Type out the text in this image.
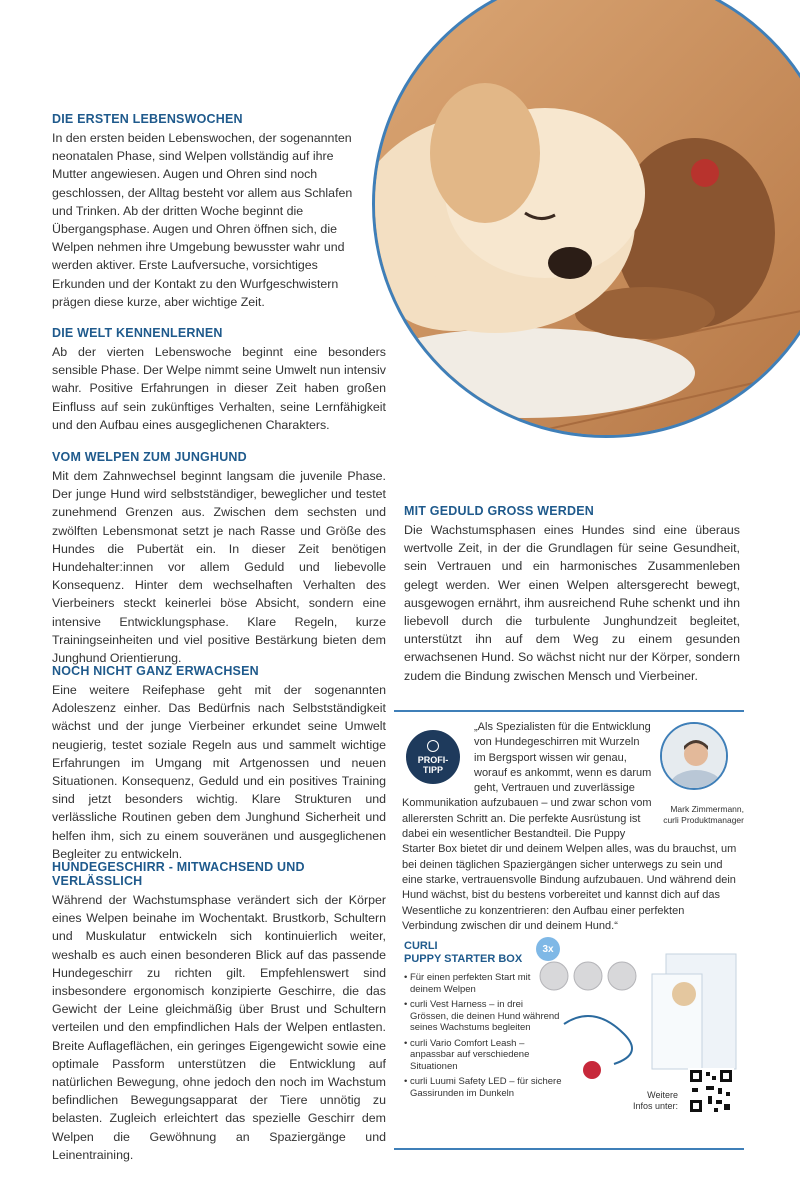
DIE ERSTEN LEBENSWOCHEN

In den ersten beiden Lebenswochen, der sogenannten neonatalen Phase, sind Welpen vollständig auf ihre Mutter angewiesen. Augen und Ohren sind noch geschlossen, der Alltag besteht vor allem aus Schlafen und Trinken. Ab der dritten Woche beginnt die Übergangsphase. Augen und Ohren öffnen sich, die Welpen nehmen ihre Umgebung bewusster wahr und werden aktiver. Erste Laufversuche, vorsichtiges Erkunden und der Kontakt zu den Wurfgeschwistern prägen diese kurze, aber wichtige Zeit.

DIE WELT KENNENLERNEN

Ab der vierten Lebenswoche beginnt eine besonders sensible Phase. Der Welpe nimmt seine Umwelt nun intensiv wahr. Positive Erfahrungen in dieser Zeit haben großen Einfluss auf sein zukünftiges Verhalten, seine Lernfähigkeit und den Aufbau eines ausgeglichenen Charakters.

VOM WELPEN ZUM JUNGHUND

Mit dem Zahnwechsel beginnt langsam die juvenile Phase. Der junge Hund wird selbstständiger, beweglicher und testet zunehmend Grenzen aus. Zwischen dem sechsten und zwölften Lebensmonat setzt je nach Rasse und Größe des Hundes die Pubertät ein. In dieser Zeit benötigen Hundehalter:innen vor allem Geduld und liebevolle Konsequenz. Hinter dem wechselhaften Verhalten des Vierbeiners steckt keinerlei böse Absicht, sondern eine intensive Entwicklungsphase. Klare Regeln, kurze Trainingseinheiten und viel positive Bestärkung bieten dem Junghund Orientierung.

NOCH NICHT GANZ ERWACHSEN

Eine weitere Reifephase geht mit der sogenannten Adoleszenz einher. Das Bedürfnis nach Selbstständigkeit wächst und der junge Vierbeiner erkundet seine Umwelt neugierig, testet soziale Regeln aus und sammelt wichtige Erfahrungen im Umgang mit Artgenossen und neuen Situationen. Konsequenz, Geduld und ein positives Training sind jetzt besonders wichtig. Klare Strukturen und verlässliche Routinen geben dem Junghund Sicherheit und helfen ihm, sich zu einem souveränen und ausgeglichenen Begleiter zu entwickeln.

HUNDEGESCHIRR - MITWACHSEND UND VERLÄSSLICH

Während der Wachstumsphase verändert sich der Körper eines Welpen beinahe im Wochentakt. Brustkorb, Schultern und Muskulatur entwickeln sich kontinuierlich weiter, weshalb es auch einen besonderen Blick auf das passende Hundegeschirr zu richten gilt. Empfehlenswert sind insbesondere ergonomisch konzipierte Geschirre, die das Gewicht der Leine gleichmäßig über Brust und Schultern verteilen und den empfindlichen Hals der Welpen entlasten. Breite Auflageflächen, ein geringes Eigengewicht sowie eine optimale Passform unterstützen die Entwicklung auf natürlichen Bewegung, ohne jedoch den noch im Wachstum befindlichen Bewegungsapparat der Tiere unnötig zu belasten. Zugleich erleichtert das spezielle Geschirr dem Welpen die Gewöhnung an Spaziergänge und Leinentraining.

MIT GEDULD GROSS WERDEN

Die Wachstumsphasen eines Hundes sind eine überaus wertvolle Zeit, in der die Grundlagen für seine Gesundheit, sein Vertrauen und ein harmonisches Zusammenleben gelegt werden. Wer einen Welpen altersgerecht bewegt, ausgewogen ernährt, ihm ausreichend Ruhe schenkt und ihn liebevoll durch die turbulente Junghundzeit begleitet, unterstützt ihn auf dem Weg zu einem gesunden erwachsenen Hund. So wächst nicht nur der Körper, sondern zudem die Bindung zwischen Mensch und Vierbeiner.

PROFI-
TIPP
„Als Spezialisten für die Entwicklung von Hundegeschirren mit Wurzeln im Bergsport wissen wir genau, worauf es ankommt, wenn es darum geht, Vertrauen und zuverlässige Kommunikation aufzubauen – und zwar schon vom allerersten Schritt an. Die perfekte Ausrüstung ist dabei ein wesentlicher Bestandteil. Die Puppy Starter Box bietet dir und deinem Welpen alles, was du brauchst, um bei deinen täglichen Spaziergängen sicher unterwegs zu sein und eine starke, vertrauensvolle Bindung aufzubauen. Und während dein Hund wächst, bist du bestens vorbereitet und kannst dich auf das Wesentliche zu konzentrieren: den Aufbau einer perfekten Verbindung zwischen dir und deinem Hund.“
Mark Zimmermann,
curli Produktmanager
CURLI
PUPPY STARTER BOX
3x
• Für einen perfekten Start mit deinem Welpen
• curli Vest Harness – in drei Grössen, die deinen Hund während seines Wachstums begleiten
• curli Vario Comfort Leash – anpassbar auf verschiedene Situationen
• curli Luumi Safety LED – für sichere Gassirunden im Dunkeln	Weitere
Infos unter:
